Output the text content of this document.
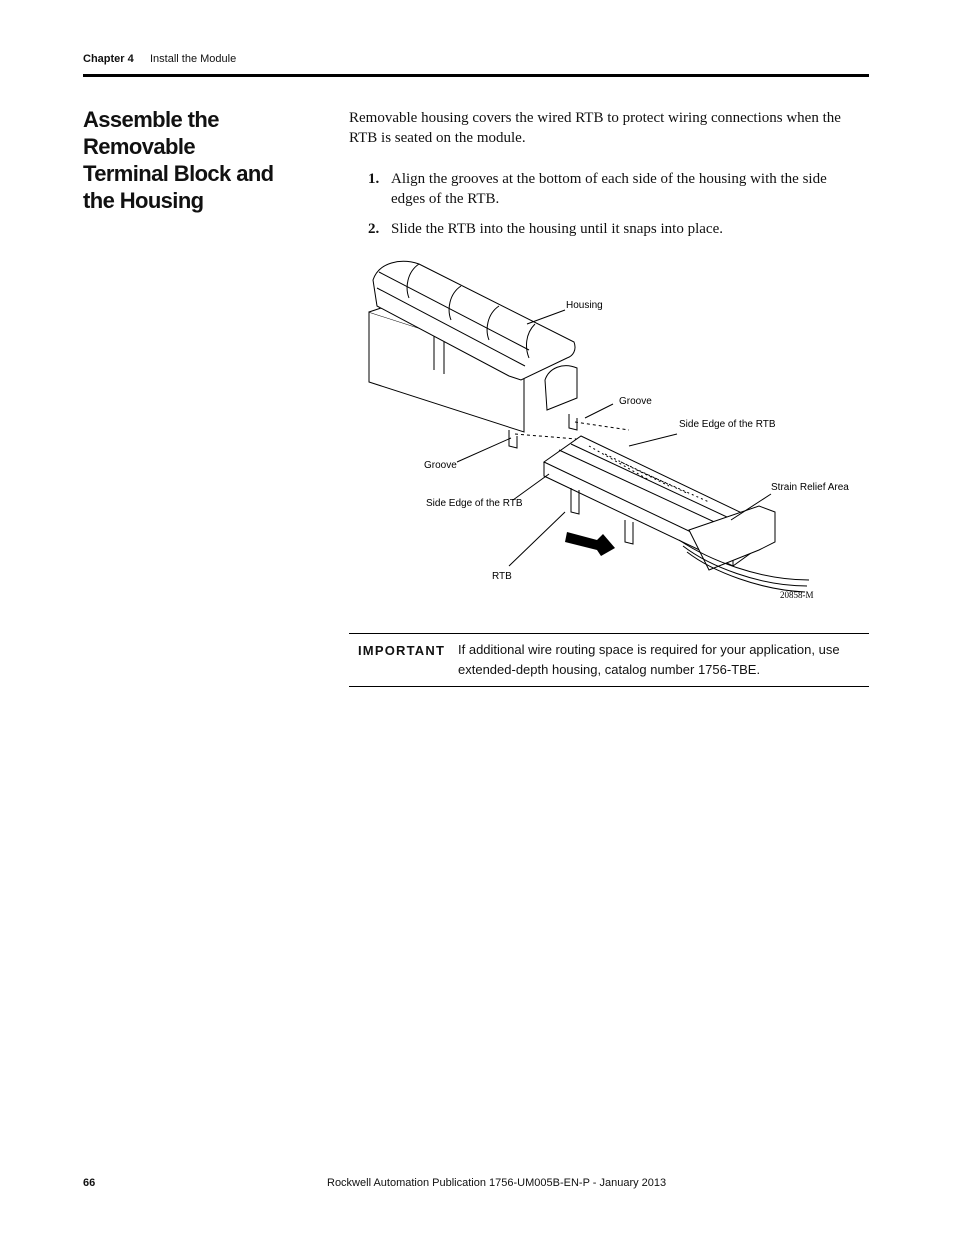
Chapter 4 Install the Module
Assemble the Removable
Terminal Block and
the Housing

Removable housing covers the wired RTB to protect wiring connections when the RTB is seated on the module.

1. Align the grooves at the bottom of each side of the housing with the side edges of the RTB.
2. Slide the RTB into the housing until it snaps into place.
Housing
Groove
Side Edge of the RTB
Groove
Strain Relief Area
Side Edge of the RTB
RTB
20858-M
IMPORTANT If additional wire routing space is required for your application, use extended-depth housing, catalog number 1756-TBE.
66	Rockwell Automation Publication 1756-UM005B-EN-P - January 2013
